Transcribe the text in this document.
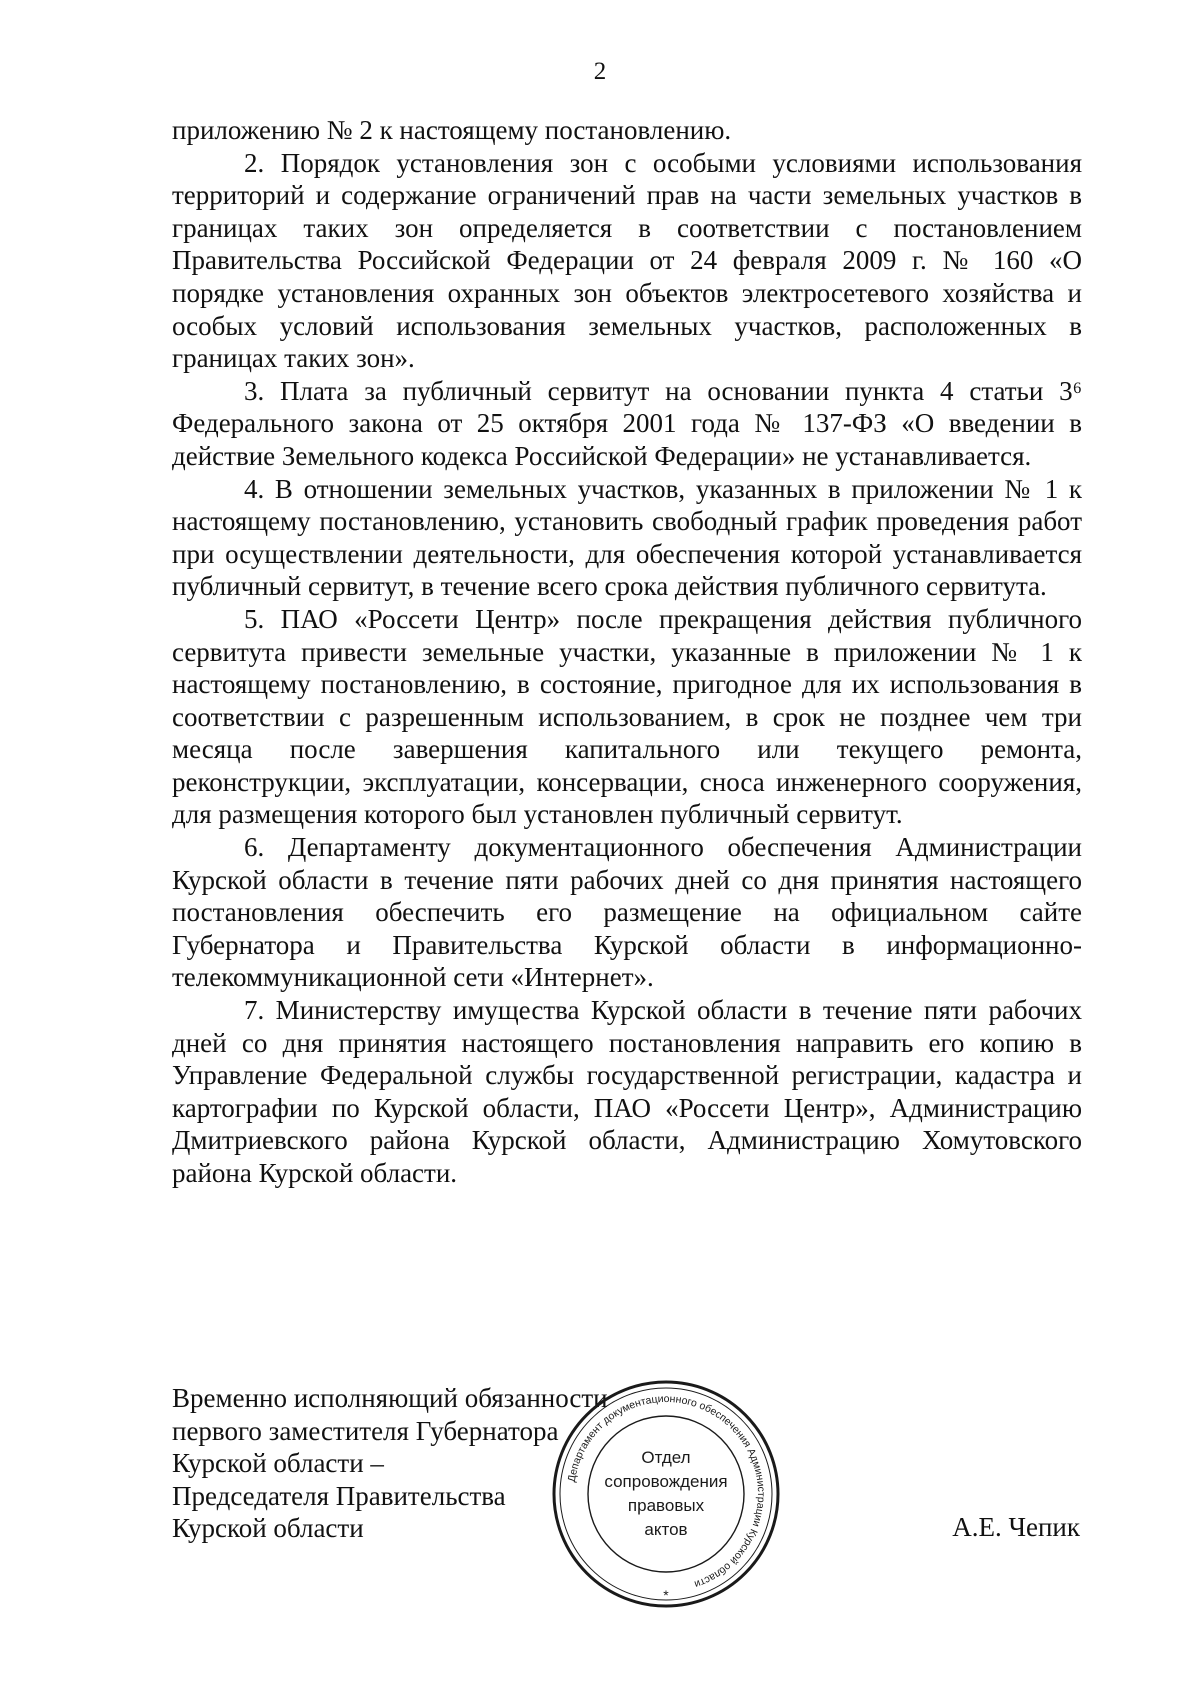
2

приложению № 2 к настоящему постановлению.

2. Порядок установления зон с особыми условиями использования территорий и содержание ограничений прав на части земельных участков в границах таких зон определяется в соответствии с постановлением Правительства Российской Федерации от 24 февраля 2009 г. № 160 «О порядке установления охранных зон объектов электросетевого хозяйства и особых условий использования земельных участков, расположенных в границах таких зон».

3. Плата за публичный сервитут на основании пункта 4 статьи 3⁶ Федерального закона от 25 октября 2001 года № 137-ФЗ «О введении в действие Земельного кодекса Российской Федерации» не устанавливается.

4. В отношении земельных участков, указанных в приложении № 1 к настоящему постановлению, установить свободный график проведения работ при осуществлении деятельности, для обеспечения которой устанавливается публичный сервитут, в течение всего срока действия публичного сервитута.

5. ПАО «Россети Центр» после прекращения действия публичного сервитута привести земельные участки, указанные в приложении № 1 к настоящему постановлению, в состояние, пригодное для их использования в соответствии с разрешенным использованием, в срок не позднее чем три месяца после завершения капитального или текущего ремонта, реконструкции, эксплуатации, консервации, сноса инженерного сооружения, для размещения которого был установлен публичный сервитут.

6. Департаменту документационного обеспечения Администрации Курской области в течение пяти рабочих дней со дня принятия настоящего постановления обеспечить его размещение на официальном сайте Губернатора и Правительства Курской области в информационно-телекоммуникационной сети «Интернет».

7. Министерству имущества Курской области в течение пяти рабочих дней со дня принятия настоящего постановления направить его копию в Управление Федеральной службы государственной регистрации, кадастра и картографии по Курской области, ПАО «Россети Центр», Администрацию Дмитриевского района Курской области, Администрацию Хомутовского района Курской области.

Временно исполняющий обязанности
первого заместителя Губернатора
Курской области –
Председателя Правительства
Курской области
Департамент документационного обеспечения Администрации Курской области
*
Отдел
сопровождения
правовых
актов	А.Е. Чепик
